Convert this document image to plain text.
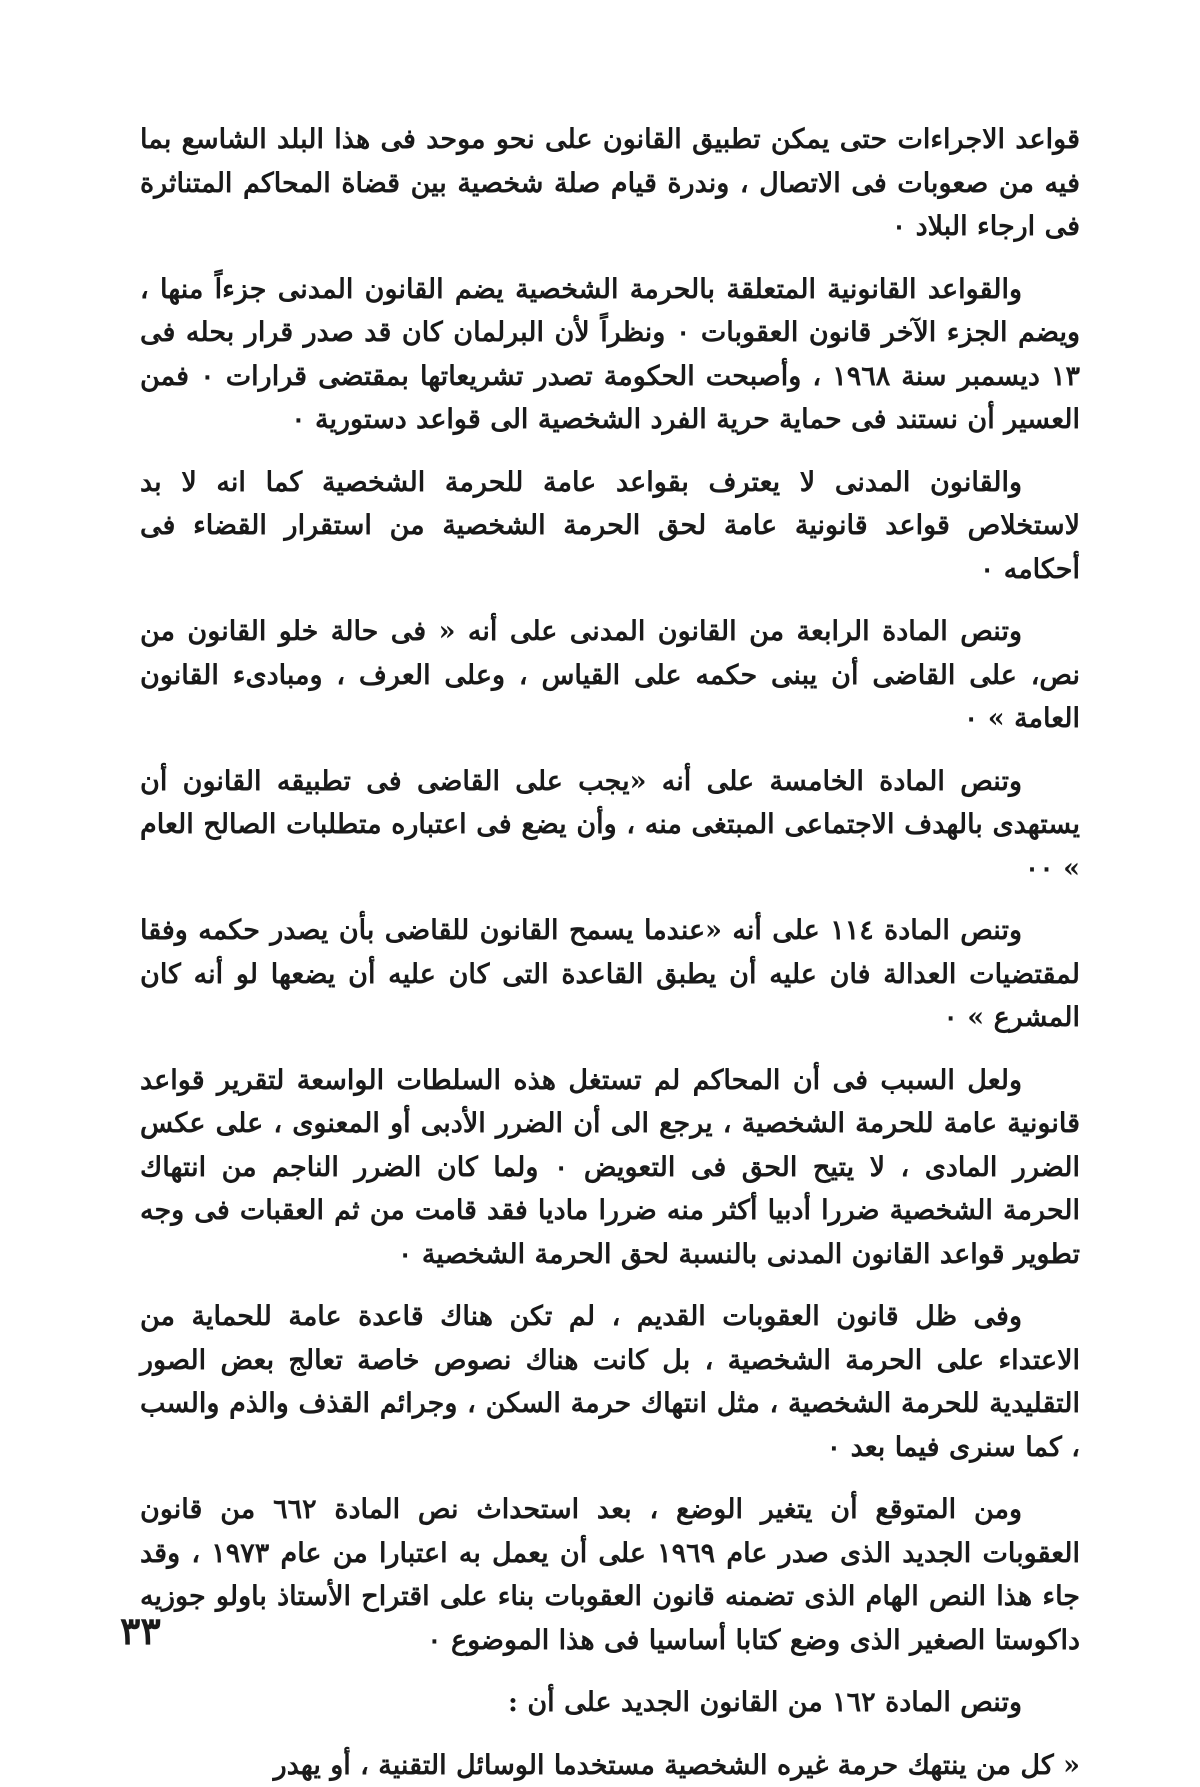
قواعد الاجراءات حتى يمكن تطبيق القانون على نحو موحد فى هذا البلد الشاسع بما فيه من صعوبات فى الاتصال ، وندرة قيام صلة شخصية بين قضاة المحاكم المتناثرة فى ارجاء البلاد ٠

والقواعد القانونية المتعلقة بالحرمة الشخصية يضم القانون المدنى جزءاً منها ، ويضم الجزء الآخر قانون العقوبات ٠ ونظراً لأن البرلمان كان قد صدر قرار بحله فى ١٣ ديسمبر سنة ١٩٦٨ ، وأصبحت الحكومة تصدر تشريعاتها بمقتضى قرارات ٠ فمن العسير أن نستند فى حماية حرية الفرد الشخصية الى قواعد دستورية ٠

والقانون المدنى لا يعترف بقواعد عامة للحرمة الشخصية كما انه لا بد لاستخلاص قواعد قانونية عامة لحق الحرمة الشخصية من استقرار القضاء فى أحكامه ٠

وتنص المادة الرابعة من القانون المدنى على أنه « فى حالة خلو القانون من نص، على القاضى أن يبنى حكمه على القياس ، وعلى العرف ، ومبادىء القانون العامة » ٠

وتنص المادة الخامسة على أنه «يجب على القاضى فى تطبيقه القانون أن يستهدى بالهدف الاجتماعى المبتغى منه ، وأن يضع فى اعتباره متطلبات الصالح العام » ٠٠

وتنص المادة ١١٤ على أنه «عندما يسمح القانون للقاضى بأن يصدر حكمه وفقا لمقتضيات العدالة فان عليه أن يطبق القاعدة التى كان عليه أن يضعها لو أنه كان المشرع » ٠

ولعل السبب فى أن المحاكم لم تستغل هذه السلطات الواسعة لتقرير قواعد قانونية عامة للحرمة الشخصية ، يرجع الى أن الضرر الأدبى أو المعنوى ، على عكس الضرر المادى ، لا يتيح الحق فى التعويض ٠ ولما كان الضرر الناجم من انتهاك الحرمة الشخصية ضررا أدبيا أكثر منه ضررا ماديا فقد قامت من ثم العقبات فى وجه تطوير قواعد القانون المدنى بالنسبة لحق الحرمة الشخصية ٠

وفى ظل قانون العقوبات القديم ، لم تكن هناك قاعدة عامة للحماية من الاعتداء على الحرمة الشخصية ، بل كانت هناك نصوص خاصة تعالج بعض الصور التقليدية للحرمة الشخصية ، مثل انتهاك حرمة السكن ، وجرائم القذف والذم والسب ، كما سنرى فيما بعد ٠

ومن المتوقع أن يتغير الوضع ، بعد استحداث نص المادة ٦٦٢ من قانون العقوبات الجديد الذى صدر عام ١٩٦٩ على أن يعمل به اعتبارا من عام ١٩٧٣ ، وقد جاء هذا النص الهام الذى تضمنه قانون العقوبات بناء على اقتراح الأستاذ باولو جوزيه داكوستا الصغير الذى وضع كتابا أساسيا فى هذا الموضوع ٠

وتنص المادة ١٦٢ من القانون الجديد على أن :

« كل من ينتهك حرمة غيره الشخصية مستخدما الوسائل التقنية ، أو يهدر

٣٣
